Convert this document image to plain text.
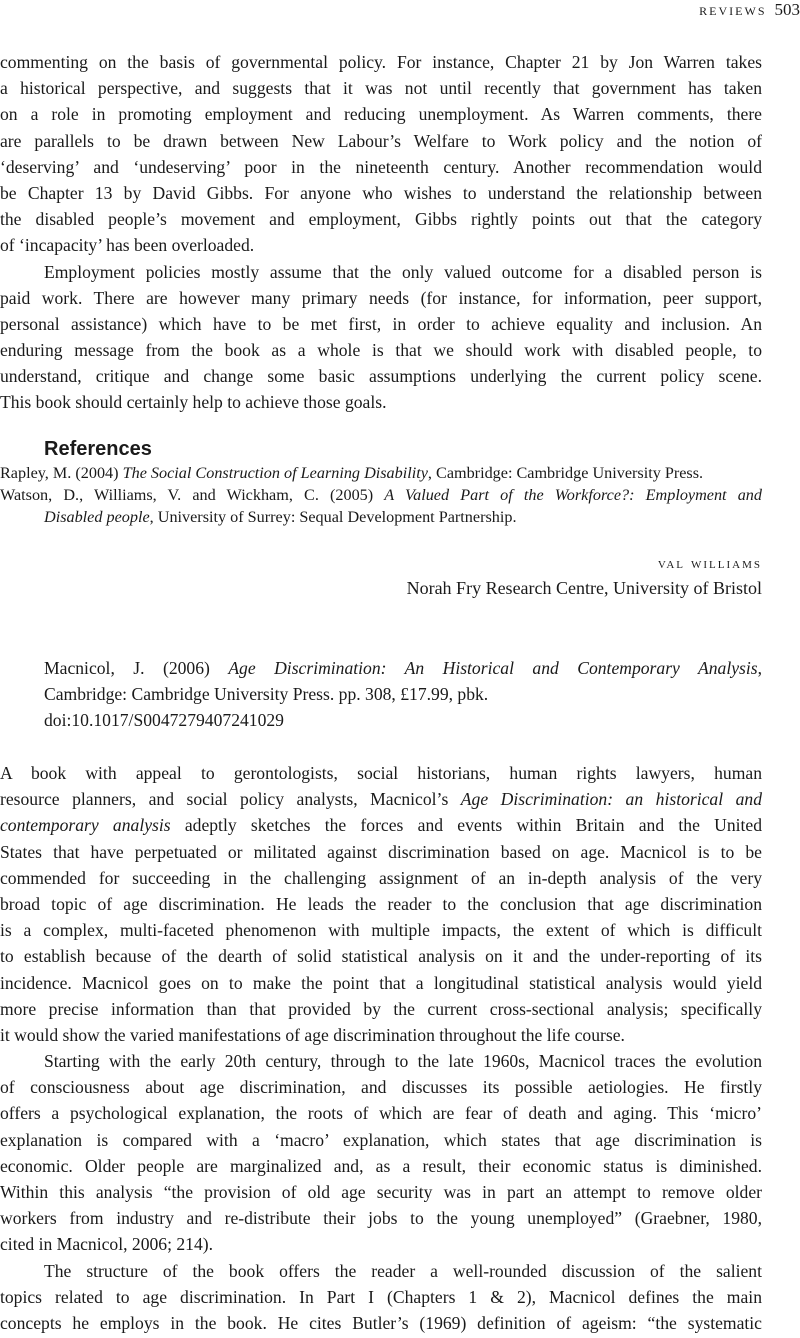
reviews 503
commenting on the basis of governmental policy. For instance, Chapter 21 by Jon Warren takes
a historical perspective, and suggests that it was not until recently that government has taken
on a role in promoting employment and reducing unemployment. As Warren comments, there
are parallels to be drawn between New Labour’s Welfare to Work policy and the notion of
‘deserving’ and ‘undeserving’ poor in the nineteenth century. Another recommendation would
be Chapter 13 by David Gibbs. For anyone who wishes to understand the relationship between
the disabled people’s movement and employment, Gibbs rightly points out that the category
of ‘incapacity’ has been overloaded.
Employment policies mostly assume that the only valued outcome for a disabled person is
paid work. There are however many primary needs (for instance, for information, peer support,
personal assistance) which have to be met first, in order to achieve equality and inclusion. An
enduring message from the book as a whole is that we should work with disabled people, to
understand, critique and change some basic assumptions underlying the current policy scene.
This book should certainly help to achieve those goals.
References
Rapley, M. (2004) The Social Construction of Learning Disability, Cambridge: Cambridge University Press.
Watson, D., Williams, V. and Wickham, C. (2005) A Valued Part of the Workforce?: Employment and
Disabled people, University of Surrey: Sequal Development Partnership.
val williams
Norah Fry Research Centre, University of Bristol
Macnicol, J. (2006) Age Discrimination: An Historical and Contemporary Analysis,
Cambridge: Cambridge University Press. pp. 308, £17.99, pbk.
doi:10.1017/S0047279407241029
A book with appeal to gerontologists, social historians, human rights lawyers, human
resource planners, and social policy analysts, Macnicol’s Age Discrimination: an historical and
contemporary analysis adeptly sketches the forces and events within Britain and the United
States that have perpetuated or militated against discrimination based on age. Macnicol is to be
commended for succeeding in the challenging assignment of an in-depth analysis of the very
broad topic of age discrimination. He leads the reader to the conclusion that age discrimination
is a complex, multi-faceted phenomenon with multiple impacts, the extent of which is difficult
to establish because of the dearth of solid statistical analysis on it and the under-reporting of its
incidence. Macnicol goes on to make the point that a longitudinal statistical analysis would yield
more precise information than that provided by the current cross-sectional analysis; specifically
it would show the varied manifestations of age discrimination throughout the life course.
Starting with the early 20th century, through to the late 1960s, Macnicol traces the evolution
of consciousness about age discrimination, and discusses its possible aetiologies. He firstly
offers a psychological explanation, the roots of which are fear of death and aging. This ‘micro’
explanation is compared with a ‘macro’ explanation, which states that age discrimination is
economic. Older people are marginalized and, as a result, their economic status is diminished.
Within this analysis “the provision of old age security was in part an attempt to remove older
workers from industry and re-distribute their jobs to the young unemployed” (Graebner, 1980,
cited in Macnicol, 2006; 214).
The structure of the book offers the reader a well-rounded discussion of the salient
topics related to age discrimination. In Part I (Chapters 1 & 2), Macnicol defines the main
concepts he employs in the book. He cites Butler’s (1969) definition of ageism: “the systematic
